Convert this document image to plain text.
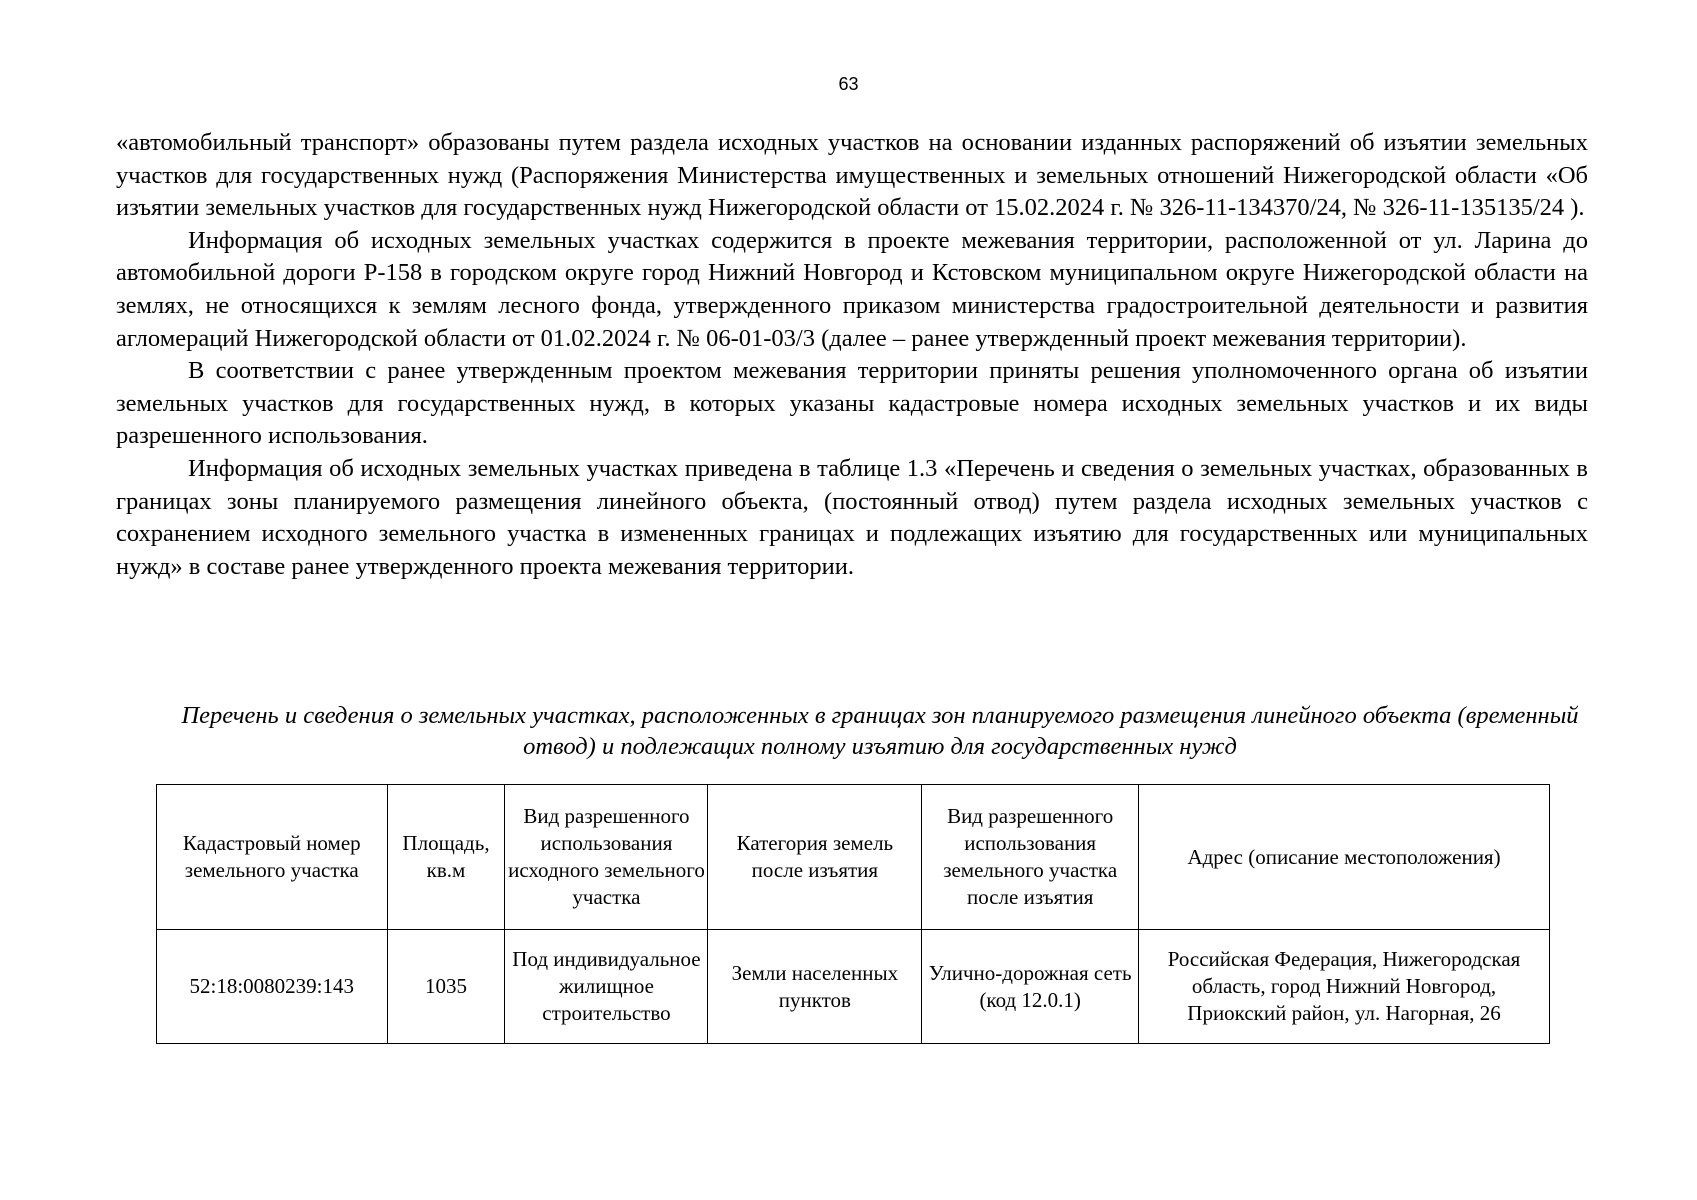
63

«автомобильный транспорт» образованы путем раздела исходных участков на основании изданных распоряжений об изъятии земельных участков для государственных нужд (Распоряжения Министерства имущественных и земельных отношений Нижегородской области «Об изъятии земельных участков для государственных нужд Нижегородской области от 15.02.2024 г. № 326-11-134370/24, № 326-11-135135/24 ).

Информация об исходных земельных участках содержится в проекте межевания территории, расположенной от ул. Ларина до автомобильной дороги Р-158 в городском округе город Нижний Новгород и Кстовском муниципальном округе Нижегородской области на землях, не относящихся к землям лесного фонда, утвержденного приказом министерства градостроительной деятельности и развития агломераций Нижегородской области от 01.02.2024 г. № 06-01-03/3 (далее – ранее утвержденный проект межевания территории).

В соответствии с ранее утвержденным проектом межевания территории приняты решения уполномоченного органа об изъятии земельных участков для государственных нужд, в которых указаны кадастровые номера исходных земельных участков и их виды разрешенного использования.

Информация об исходных земельных участках приведена в таблице 1.3 «Перечень и сведения о земельных участках, образованных в границах зоны планируемого размещения линейного объекта, (постоянный отвод) путем раздела исходных земельных участков с сохранением исходного земельного участка в измененных границах и подлежащих изъятию для государственных или муниципальных нужд» в составе ранее утвержденного проекта межевания территории.

Перечень и сведения о земельных участках, расположенных в границах зон планируемого размещения линейного объекта (временный отвод) и подлежащих полному изъятию для государственных нужд
Кадастровый номер земельного участка	Площадь, кв.м	Вид разрешенного использования исходного земельного участка	Категория земель после изъятия	Вид разрешенного использования земельного участка после изъятия	Адрес (описание местоположения)
52:18:0080239:143	1035	Под индивидуальное жилищное строительство	Земли населенных пунктов	Улично-дорожная сеть (код 12.0.1)	Российская Федерация, Нижегородская область, город Нижний Новгород, Приокский район, ул. Нагорная, 26
